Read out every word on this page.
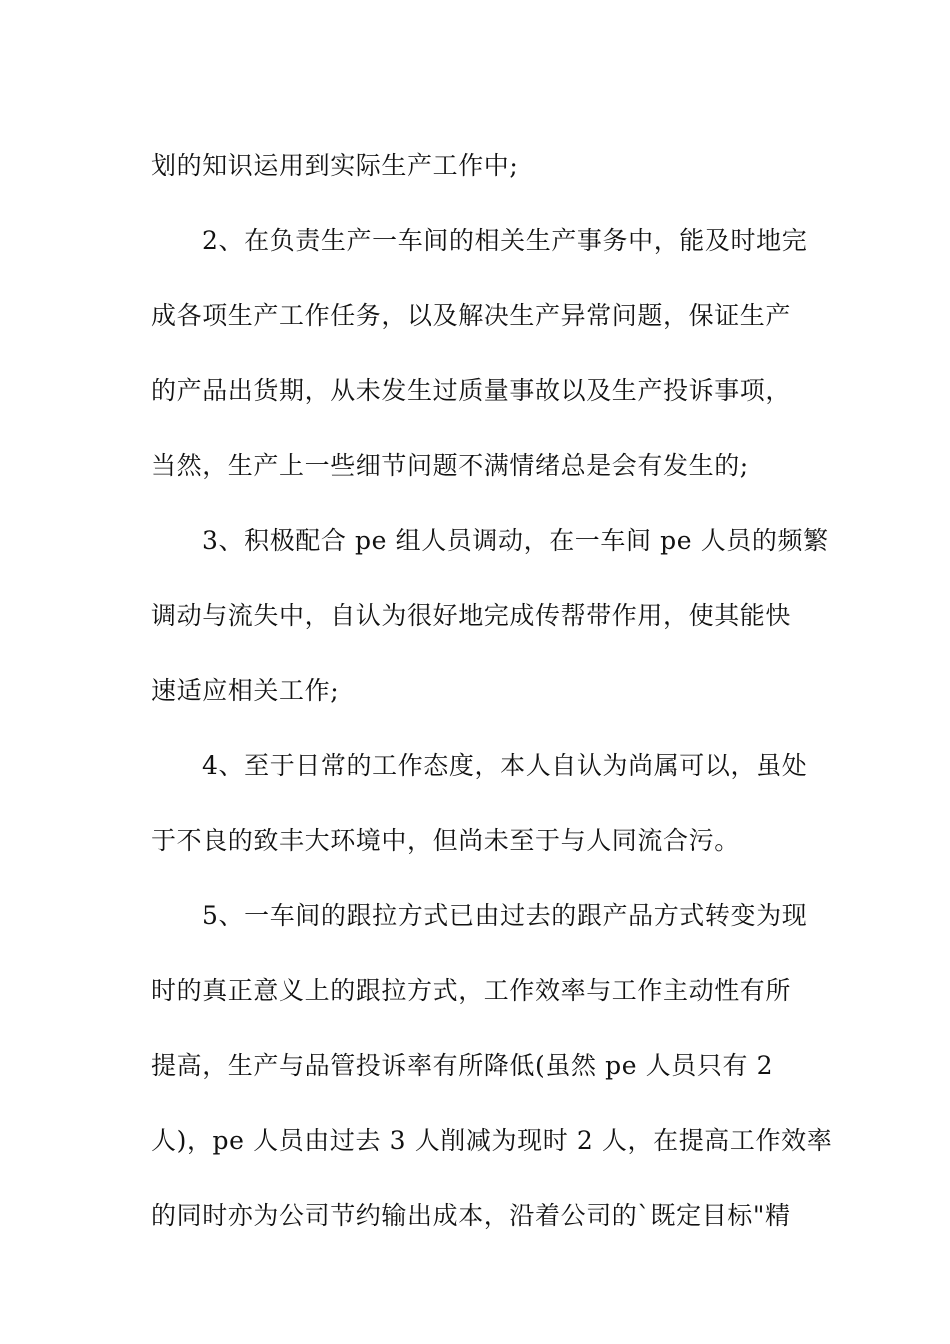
划的知识运用到实际生产工作中;
2、在负责生产一车间的相关生产事务中，能及时地完
成各项生产工作任务，以及解决生产异常问题，保证生产
的产品出货期，从未发生过质量事故以及生产投诉事项，
当然，生产上一些细节问题不满情绪总是会有发生的;
3、积极配合 pe 组人员调动，在一车间 pe 人员的频繁
调动与流失中，自认为很好地完成传帮带作用，使其能快
速适应相关工作;
4、至于日常的工作态度，本人自认为尚属可以，虽处
于不良的致丰大环境中，但尚未至于与人同流合污。
5、一车间的跟拉方式已由过去的跟产品方式转变为现
时的真正意义上的跟拉方式，工作效率与工作主动性有所
提高，生产与品管投诉率有所降低(虽然 pe 人员只有 2
人)，pe 人员由过去 3 人削减为现时 2 人，在提高工作效率
的同时亦为公司节约输出成本，沿着公司的`既定目标"精
